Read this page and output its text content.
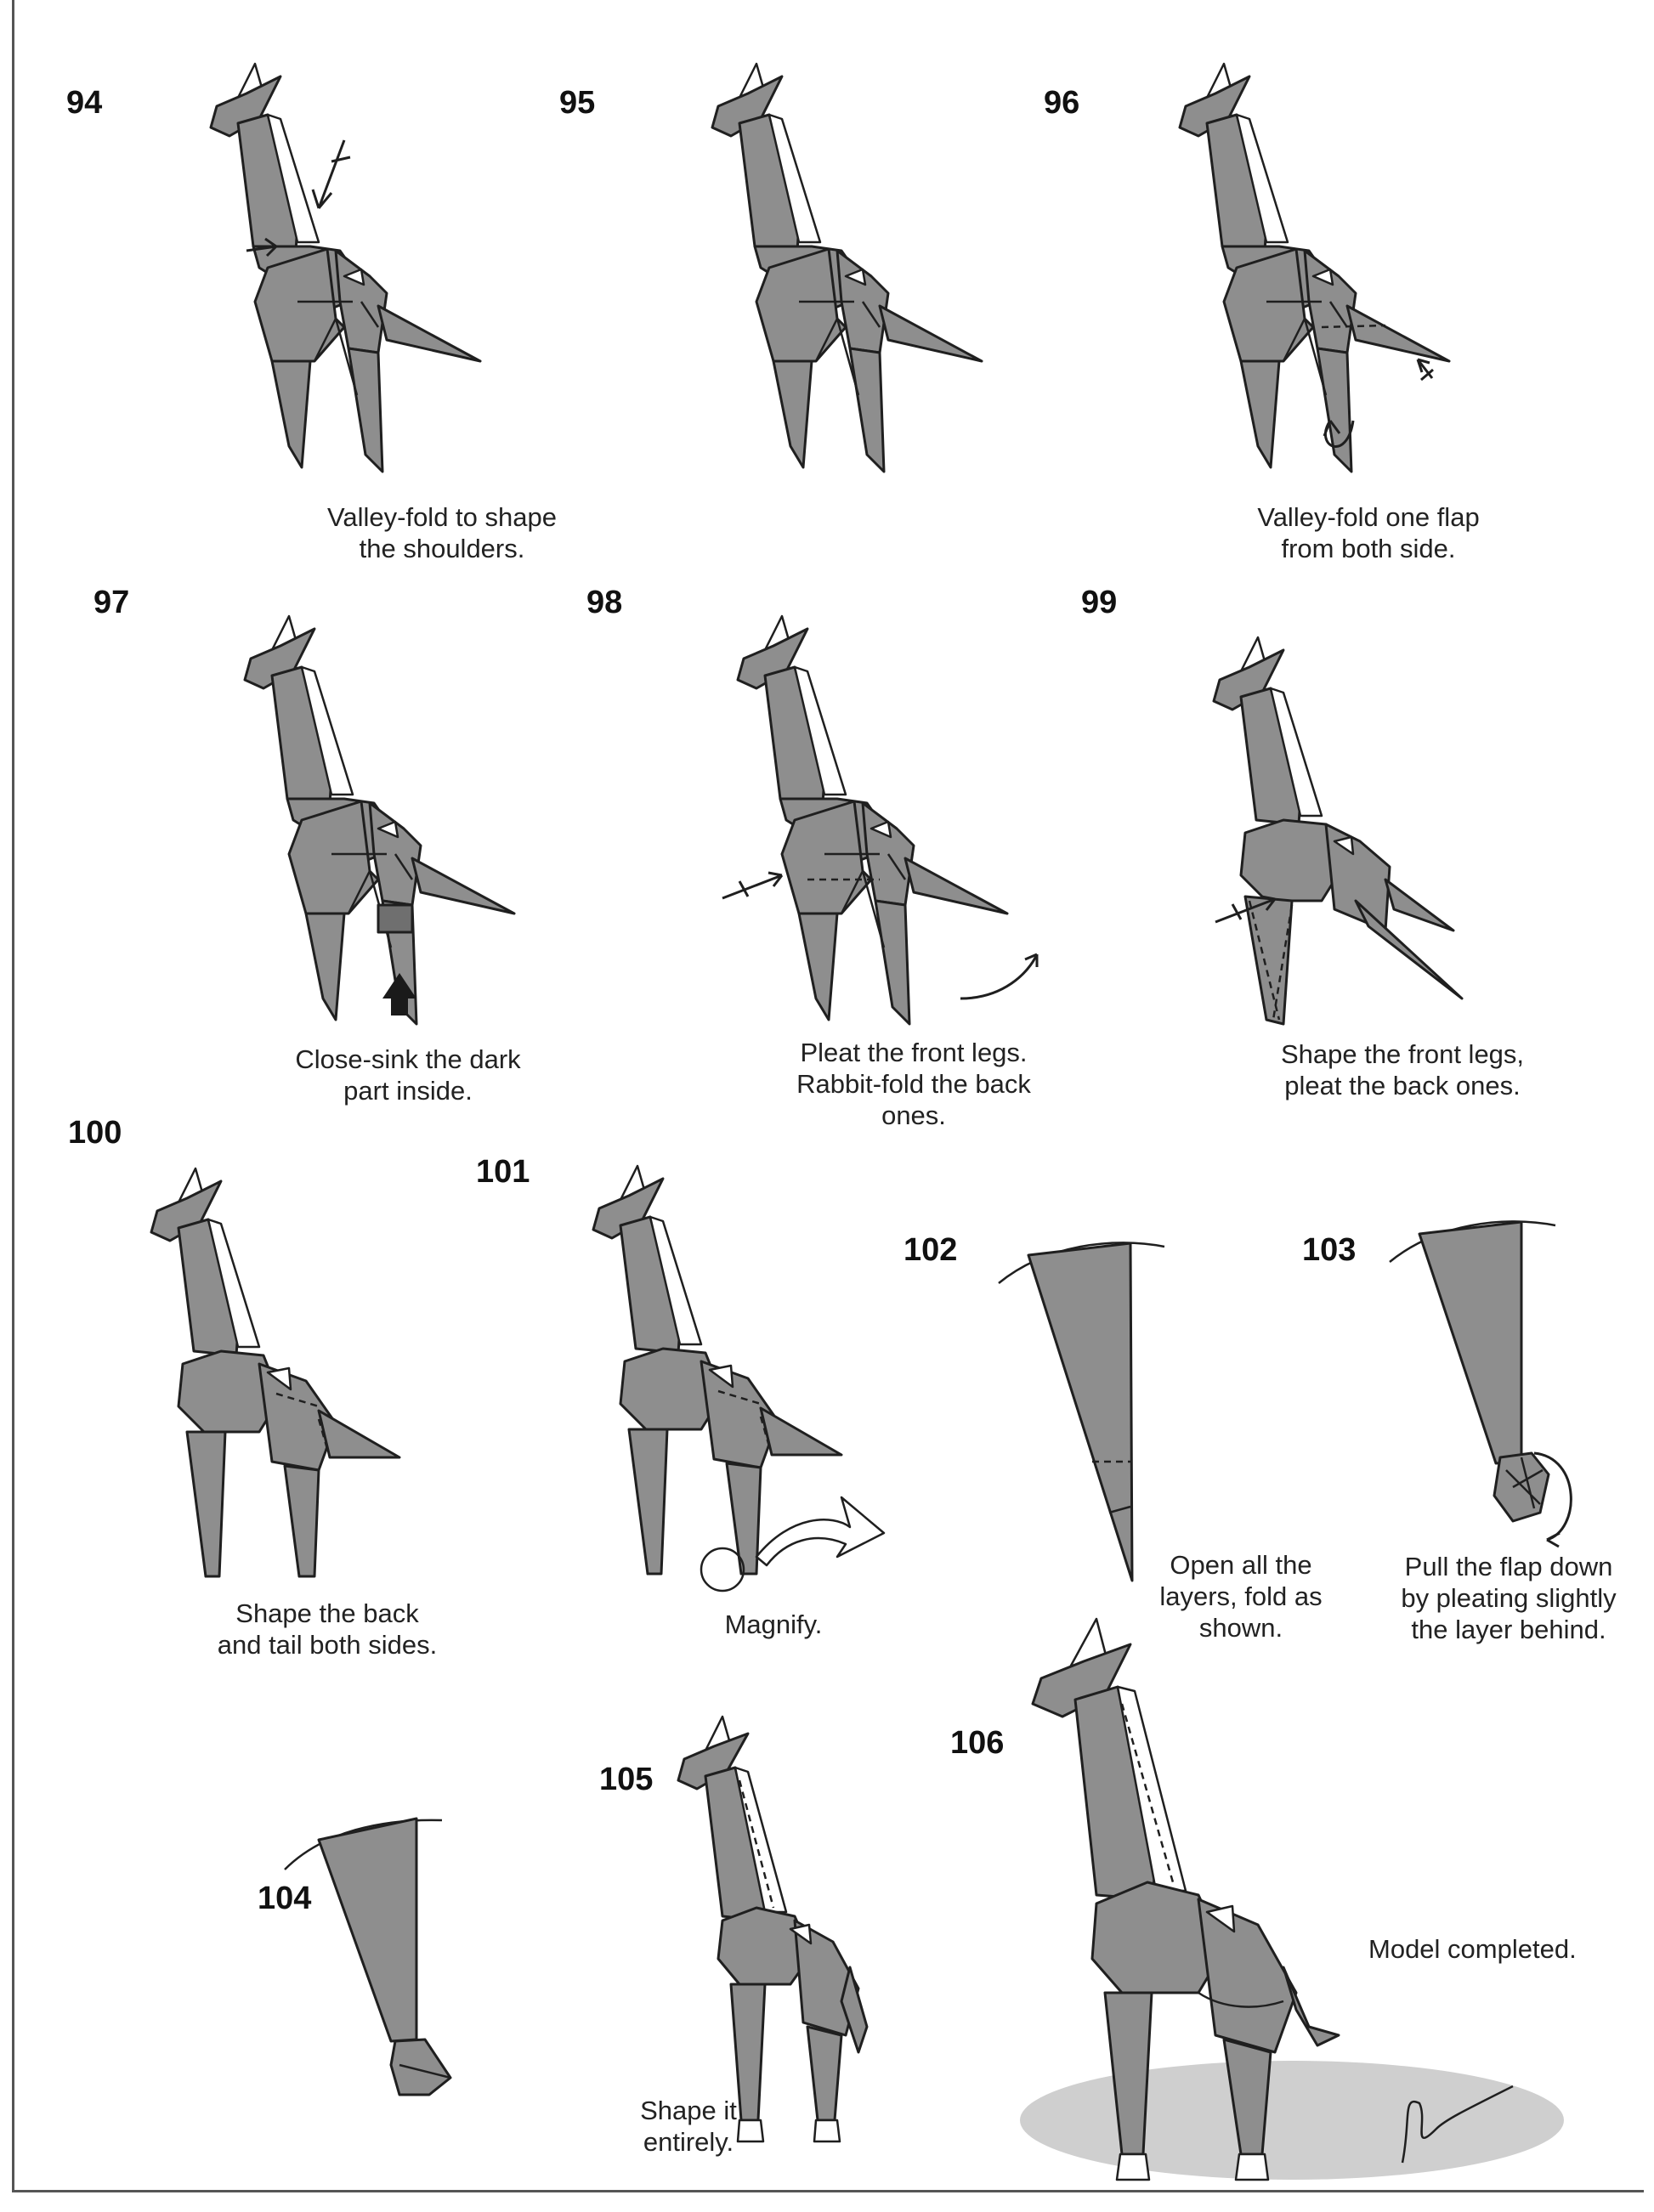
94
Valley-fold to shape
the shoulders.
95	96
Valley-fold one flap
from both side.
97
Close-sink the dark
part inside.
98
Pleat the front legs.
Rabbit-fold the back
ones.
99
Shape the front legs,
pleat the back ones.
100
Shape the back
and tail both sides.
101
Magnify.
102
Open all the
layers, fold as
shown.
103
Pull the flap down
by pleating slightly
the layer behind.
104
105
Shape it
entirely.
106
Model completed.
